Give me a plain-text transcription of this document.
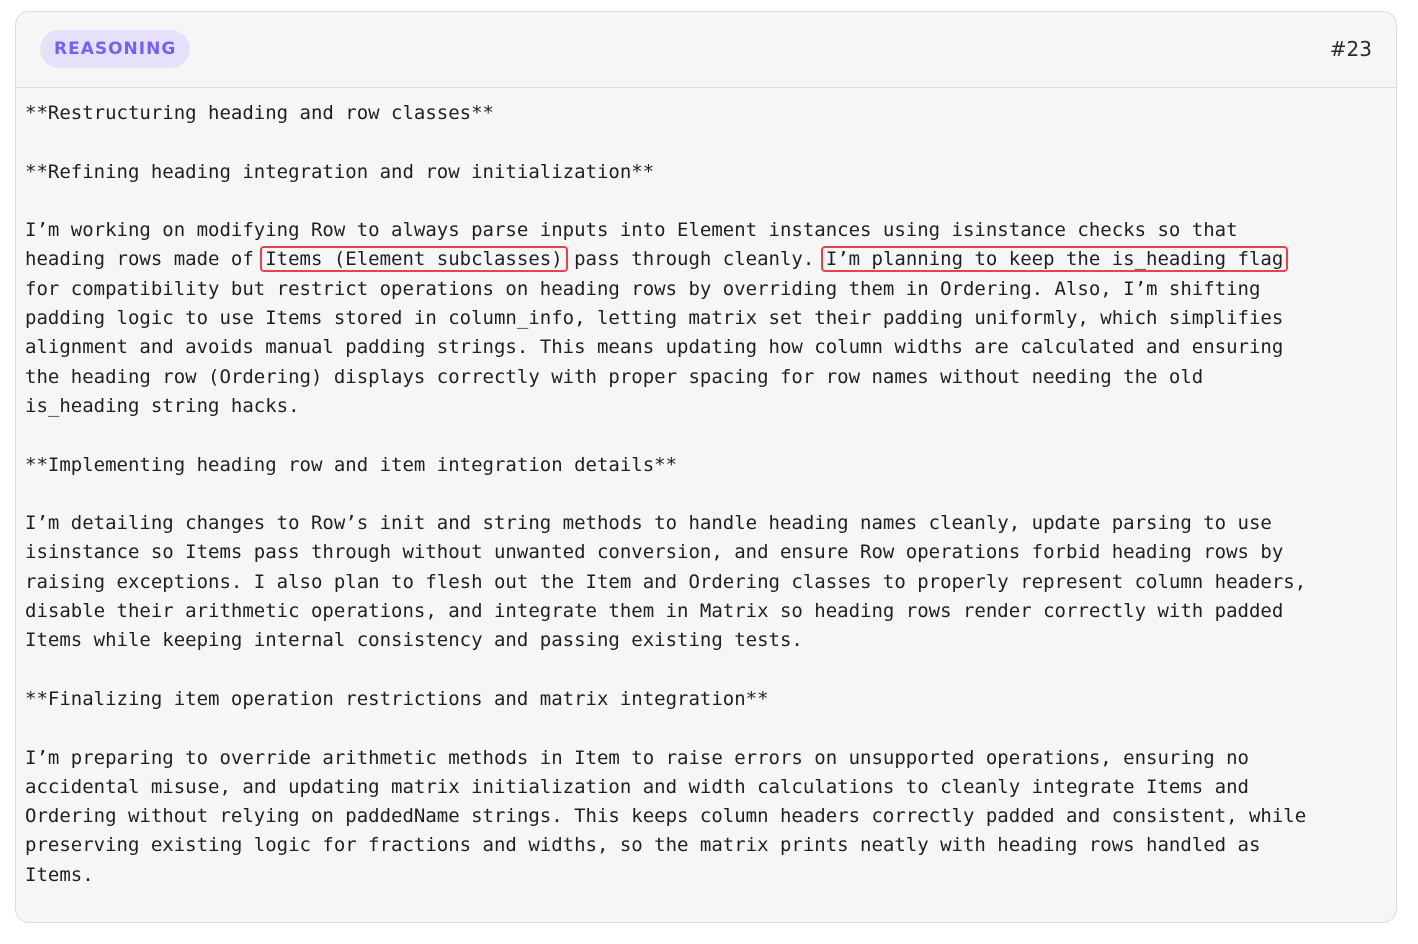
REASONING	#23
**Restructuring heading and row classes**

**Refining heading integration and row initialization**

I’m working on modifying Row to always parse inputs into Element instances using isinstance checks so that
heading rows made of Items (Element subclasses) pass through cleanly. I’m planning to keep the is_heading flag
for compatibility but restrict operations on heading rows by overriding them in Ordering. Also, I’m shifting
padding logic to use Items stored in column_info, letting matrix set their padding uniformly, which simplifies
alignment and avoids manual padding strings. This means updating how column widths are calculated and ensuring
the heading row (Ordering) displays correctly with proper spacing for row names without needing the old
is_heading string hacks.

**Implementing heading row and item integration details**

I’m detailing changes to Row’s init and string methods to handle heading names cleanly, update parsing to use
isinstance so Items pass through without unwanted conversion, and ensure Row operations forbid heading rows by
raising exceptions. I also plan to flesh out the Item and Ordering classes to properly represent column headers,
disable their arithmetic operations, and integrate them in Matrix so heading rows render correctly with padded
Items while keeping internal consistency and passing existing tests.

**Finalizing item operation restrictions and matrix integration**

I’m preparing to override arithmetic methods in Item to raise errors on unsupported operations, ensuring no
accidental misuse, and updating matrix initialization and width calculations to cleanly integrate Items and
Ordering without relying on paddedName strings. This keeps column headers correctly padded and consistent, while
preserving existing logic for fractions and widths, so the matrix prints neatly with heading rows handled as
Items.
